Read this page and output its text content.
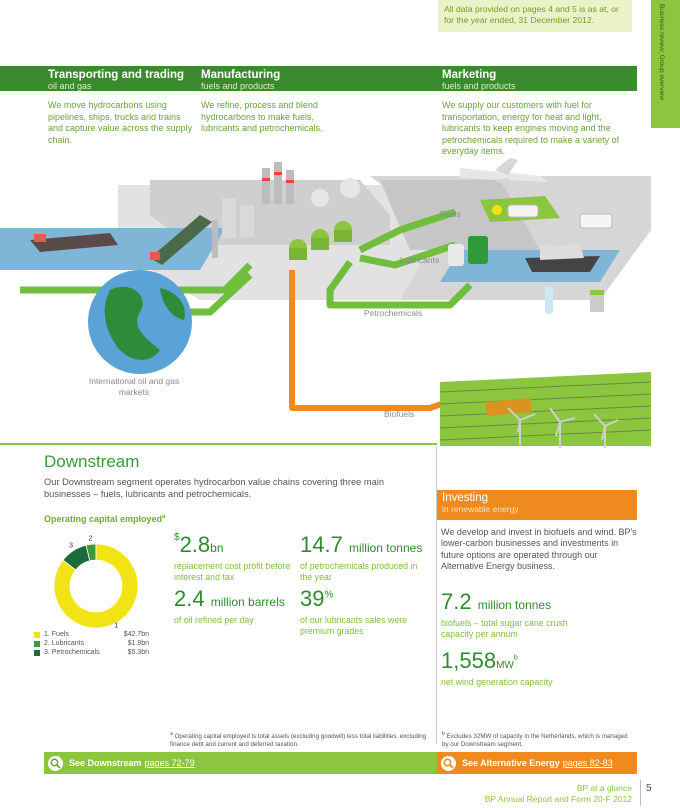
All data provided on pages 4 and 5 is as at, or for the year ended, 31 December 2012.	Business review: Group overview
Transporting and trading
oil and gas
Manufacturing
fuels and products
Marketing
fuels and products
We move hydrocarbons using pipelines, ships, trucks and trains and capture value across the supply chain.
We refine, process and blend hydrocarbons to make fuels, lubricants and petrochemicals.
We supply our customers with fuel for transportation, energy for heat and light, lubricants to keep engines moving and the petrochemicals required to make a variety of everyday items.
Fuels
Lubricants
Petrochemicals
Biofuels
International oil and gas markets
Downstream
Our Downstream segment operates hydrocarbon value chains covering three main businesses – fuels, lubricants and petrochemicals.
Operating capital employed$^a$
3
2
1
1. Fuels	$42.7bn
2. Lubricants	$1.9bn
3. Petrochemicals	$5.3bn
$2.8bn
replacement cost profit before interest and tax
14.7 million tonnes
of petrochemicals produced in the year
2.4 million barrels
of oil refined per day
39%
of our lubricants sales were premium grades
Investing
in renewable energy
We develop and invest in biofuels and wind. BP's lower-carbon businesses and investments in future options are operated through our Alternative Energy business.
7.2 million tonnes
biofuels – total sugar cane crush capacity per annum
$1,558MW^b$
net wind generation capacity
$^a$ Operating capital employed is total assets (excluding goodwill) less total liabilities, excluding finance debt and current and deferred taxation.
$^b$ Excludes 32MW of capacity in the Netherlands, which is managed by our Downstream segment.
See Downstream pages 72-79	See Alternative Energy pages 82-83
BP at a glance
BP Annual Report and Form 20-F 2012
5
